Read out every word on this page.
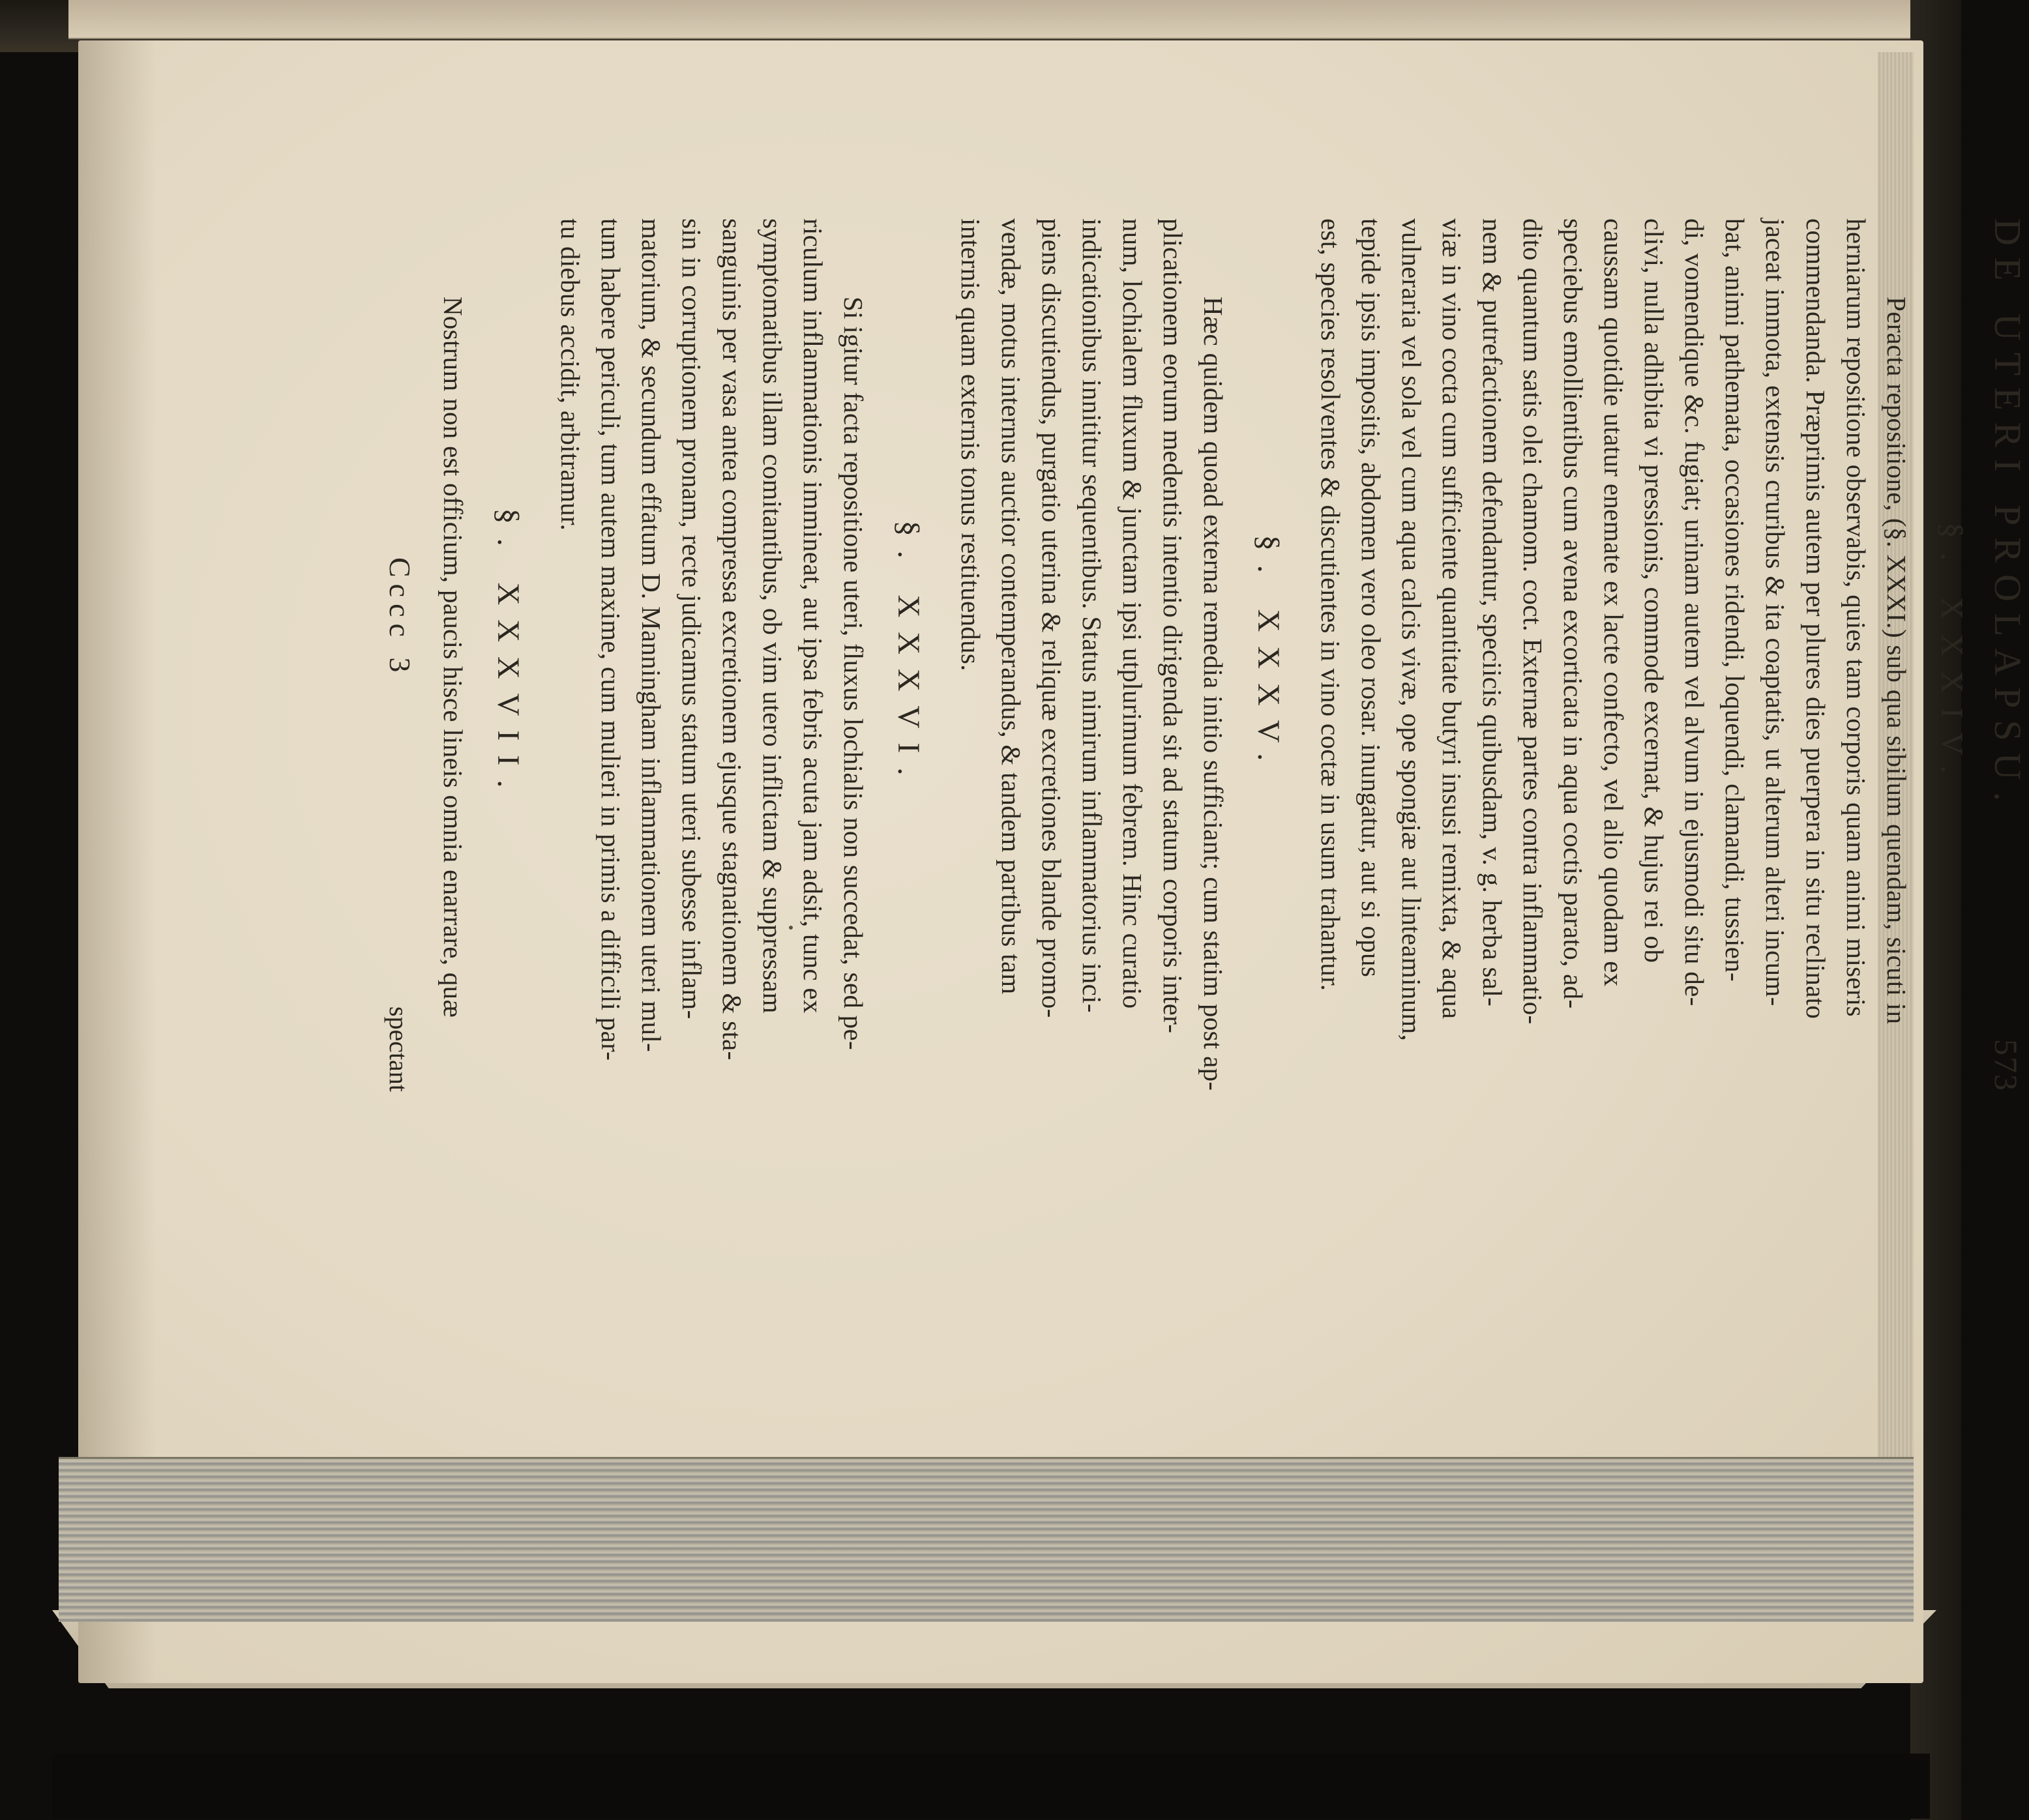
DE UTERI PROLAPSU.
573
§. XXXIV.
Peracta repositione, (§. XXXI.) sub qua sibilum quendam, sicuti in
herniarum repositione observabis, quies tam corporis quam animi miseris
commendanda. Præprimis autem per plures dies puerpera in situ reclinato
jaceat immota, extensis cruribus & ita coaptatis, ut alterum alteri incum-
bat, animi pathemata, occasiones ridendi, loquendi, clamandi, tussien-
di, vomendique &c. fugiat; urinam autem vel alvum in ejusmodi situ de-
clivi, nulla adhibita vi pressionis, commode excernat, & hujus rei ob
caussam quotidie utatur enemate ex lacte confecto, vel alio quodam ex
speciebus emollientibus cum avena excorticata in aqua coctis parato, ad-
dito quantum satis olei chamom. coct. Externæ partes contra inflammatio-
nem & putrefactionem defendantur, speciicis quibusdam, v. g. herba sal-
viæ in vino cocta cum sufficiente quantitate butyri insusi remixta, & aqua
vulneraria vel sola vel cum aqua calcis vivæ, ope spongiæ aut linteaminum,
tepide ipsis impositis, abdomen vero oleo rosar. inungatur, aut si opus
est, species resolventes & discutientes in vino coctæ in usum trahantur.
§. XXXV.
Hæc quidem quoad externa remedia initio sufficiant; cum statim post ap-
plicationem eorum medentis intentio dirigenda sit ad statum corporis inter-
num, lochialem fluxum & junctam ipsi utplurimum febrem. Hinc curatio
indicationibus innititur sequentibus. Status nimirum inflammatorius inci-
piens discutiendus, purgatio uterina & reliquæ excretiones blande promo-
vendæ, motus internus auctior contemperandus, & tandem partibus tam
internis quam externis tonus restituendus.
§. XXXVI.
Si igitur facta repositione uteri, fluxus lochialis non succedat, sed pe-
riculum inflammationis immineat, aut ipsa febris acuta jam adsit, tunc ex
symptomatibus illam comitantibus, ob vim utero inflictam & suppressam
sanguinis per vasa antea compressa excretionem ejusque stagnationem & sta-
sin in corruptionem pronam, recte judicamus statum uteri subesse inflam-
matorium, & secundum effatum D. Manningham inflammationem uteri mul-
tum habere periculi, tum autem maxime, cum mulieri in primis a difficili par-
tu diebus accidit, arbitramur.
§. XXXVII.
Nostrum non est officium, paucis hisce lineis omnia enarrare, quæ
Cccc 3
spectant
